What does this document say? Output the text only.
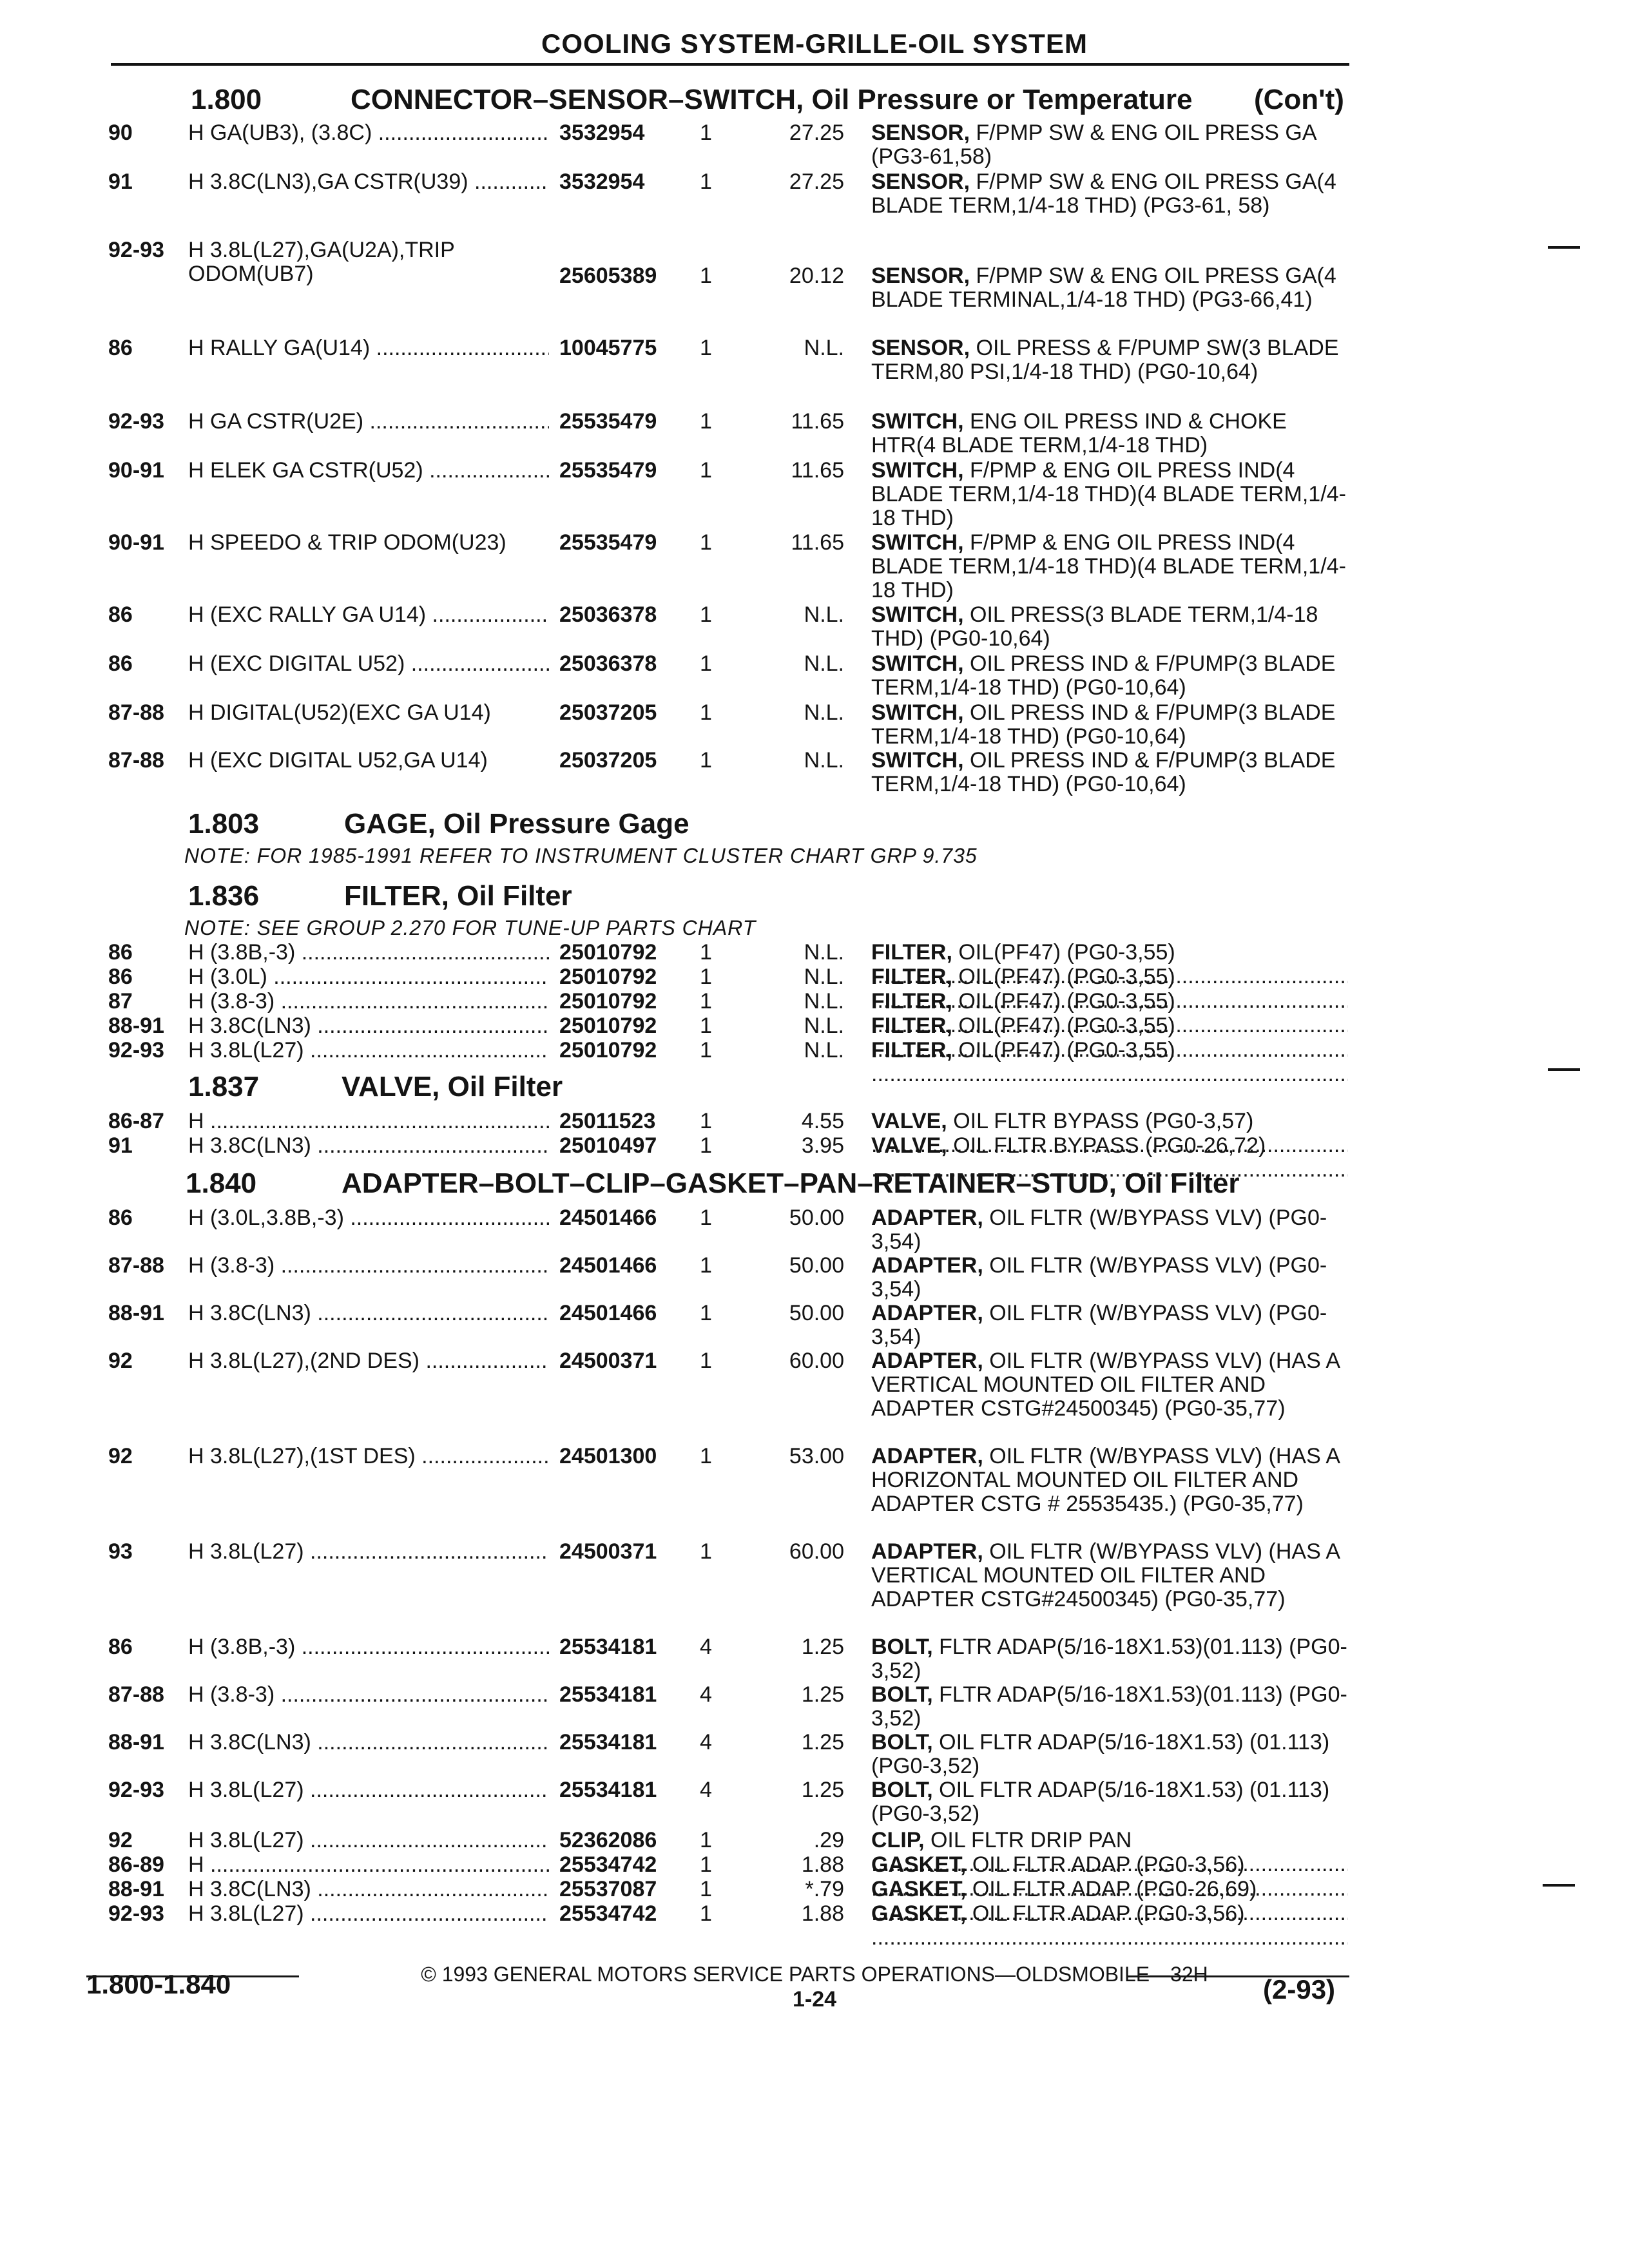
COOLING SYSTEM-GRILLE-OIL SYSTEM
1.800	CONNECTOR–SENSOR–SWITCH, Oil Pressure or Temperature (Con't)
90	H GA(UB3), (3.8C) .....	3532954	1	27.25 SENSOR, F/PMP SW & ENG OIL PRESS GA (PG3-61,58)
91	H 3.8C(LN3),GA CSTR(U39) .....	3532954	1	27.25 SENSOR, F/PMP SW & ENG OIL PRESS GA(4 BLADE TERM,1/4-18 THD) (PG3-61, 58)
92-93 H 3.8L(L27),GA(U2A),TRIP ODOM(UB7)	25605389 1	20.12 SENSOR, F/PMP SW & ENG OIL PRESS GA(4 BLADE TERMINAL,1/4-18 THD) (PG3-66,41)
86	H RALLY GA(U14) .....	10045775 1	N.L. SENSOR, OIL PRESS & F/PUMP SW(3 BLADE TERM,80 PSI,1/4-18 THD) (PG0-10,64)
92-93 H GA CSTR(U2E) .....	25535479 1	11.65 SWITCH, ENG OIL PRESS IND & CHOKE HTR(4 BLADE TERM,1/4-18 THD)
90-91 H ELEK GA CSTR(U52) .....	25535479 1	11.65 SWITCH, F/PMP & ENG OIL PRESS IND(4 BLADE TERM,1/4-18 THD)(4 BLADE TERM,1/4-18 THD)
90-91 H SPEEDO & TRIP ODOM(U23)	25535479 1	11.65 SWITCH, F/PMP & ENG OIL PRESS IND(4 BLADE TERM,1/4-18 THD)(4 BLADE TERM,1/4-18 THD)
86	H (EXC RALLY GA U14) .....	25036378 1	N.L. SWITCH, OIL PRESS(3 BLADE TERM,1/4-18 THD) (PG0-10,64)
86	H (EXC DIGITAL U52) .....	25036378 1	N.L. SWITCH, OIL PRESS IND & F/PUMP(3 BLADE TERM,1/4-18 THD) (PG0-10,64)
87-88 H DIGITAL(U52)(EXC GA U14)	25037205 1	N.L. SWITCH, OIL PRESS IND & F/PUMP(3 BLADE TERM,1/4-18 THD) (PG0-10,64)
87-88 H (EXC DIGITAL U52,GA U14)	25037205 1	N.L. SWITCH, OIL PRESS IND & F/PUMP(3 BLADE TERM,1/4-18 THD) (PG0-10,64)
1.803	GAGE, Oil Pressure Gage
NOTE: FOR 1985-1991 REFER TO INSTRUMENT CLUSTER CHART GRP 9.735
1.836	FILTER, Oil Filter
NOTE: SEE GROUP 2.270 FOR TUNE-UP PARTS CHART
86	H (3.8B,-3) .....	25010792 1	N.L. FILTER, OIL(PF47) (PG0-3,55) .....
86	H (3.0L) .....	25010792 1	N.L. FILTER, OIL(PF47) (PG0-3,55) .....
87	H (3.8-3) .....	25010792 1	N.L. FILTER, OIL(PF47) (PG0-3,55) .....
88-91 H 3.8C(LN3) .....	25010792 1	N.L. FILTER, OIL(PF47) (PG0-3,55) .....
92-93 H 3.8L(L27) .....	25010792 1	N.L. FILTER, OIL(PF47) (PG0-3,55) .....
1.837	VALVE, Oil Filter
86-87 H .....	25011523 1	4.55 VALVE, OIL FLTR BYPASS (PG0-3,57) .....
91	H 3.8C(LN3) .....	25010497 1	3.95 VALVE, OIL FLTR BYPASS (PG0-26,72) .....
1.840	ADAPTER–BOLT–CLIP–GASKET–PAN–RETAINER–STUD, Oil Filter
86	H (3.0L,3.8B,-3) .....	24501466 1	50.00 ADAPTER, OIL FLTR (W/BYPASS VLV) (PG0-3,54)
87-88 H (3.8-3) .....	24501466 1	50.00 ADAPTER, OIL FLTR (W/BYPASS VLV) (PG0-3,54)
88-91 H 3.8C(LN3) .....	24501466 1	50.00 ADAPTER, OIL FLTR (W/BYPASS VLV) (PG0-3,54)
92	H 3.8L(L27),(2ND DES) .....	24500371 1	60.00 ADAPTER, OIL FLTR (W/BYPASS VLV) (HAS A VERTICAL MOUNTED OIL FILTER AND ADAPTER CSTG#24500345) (PG0-35,77)
92	H 3.8L(L27),(1ST DES) .....	24501300 1	53.00 ADAPTER, OIL FLTR (W/BYPASS VLV) (HAS A HORIZONTAL MOUNTED OIL FILTER AND ADAPTER CSTG # 25535435.) (PG0-35,77)
93	H 3.8L(L27) .....	24500371 1	60.00 ADAPTER, OIL FLTR (W/BYPASS VLV) (HAS A VERTICAL MOUNTED OIL FILTER AND ADAPTER CSTG#24500345) (PG0-35,77)
86	H (3.8B,-3) .....	25534181 4	1.25 BOLT, FLTR ADAP(5/16-18X1.53)(01.113) (PG0-3,52)
87-88 H (3.8-3) .....	25534181 4	1.25 BOLT, FLTR ADAP(5/16-18X1.53)(01.113) (PG0-3,52)
88-91 H 3.8C(LN3) .....	25534181 4	1.25 BOLT, OIL FLTR ADAP(5/16-18X1.53) (01.113) (PG0-3,52)
92-93 H 3.8L(L27) .....	25534181 4	1.25 BOLT, OIL FLTR ADAP(5/16-18X1.53) (01.113) (PG0-3,52)
92	H 3.8L(L27) .....	52362086 1	.29 CLIP, OIL FLTR DRIP PAN .....
86-89 H .....	25534742 1	1.88 GASKET, OIL FLTR ADAP (PG0-3,56) .....
88-91 H 3.8C(LN3) .....	25537087 1	*.79 GASKET, OIL FLTR ADAP (PG0-26,69) .....
92-93 H 3.8L(L27) .....	25534742 1	1.88 GASKET, OIL FLTR ADAP (PG0-3,56) .....
© 1993 GENERAL MOTORS SERVICE PARTS OPERATIONS—OLDSMOBILE—32H
1.800-1.840	1-24	(2-93)
